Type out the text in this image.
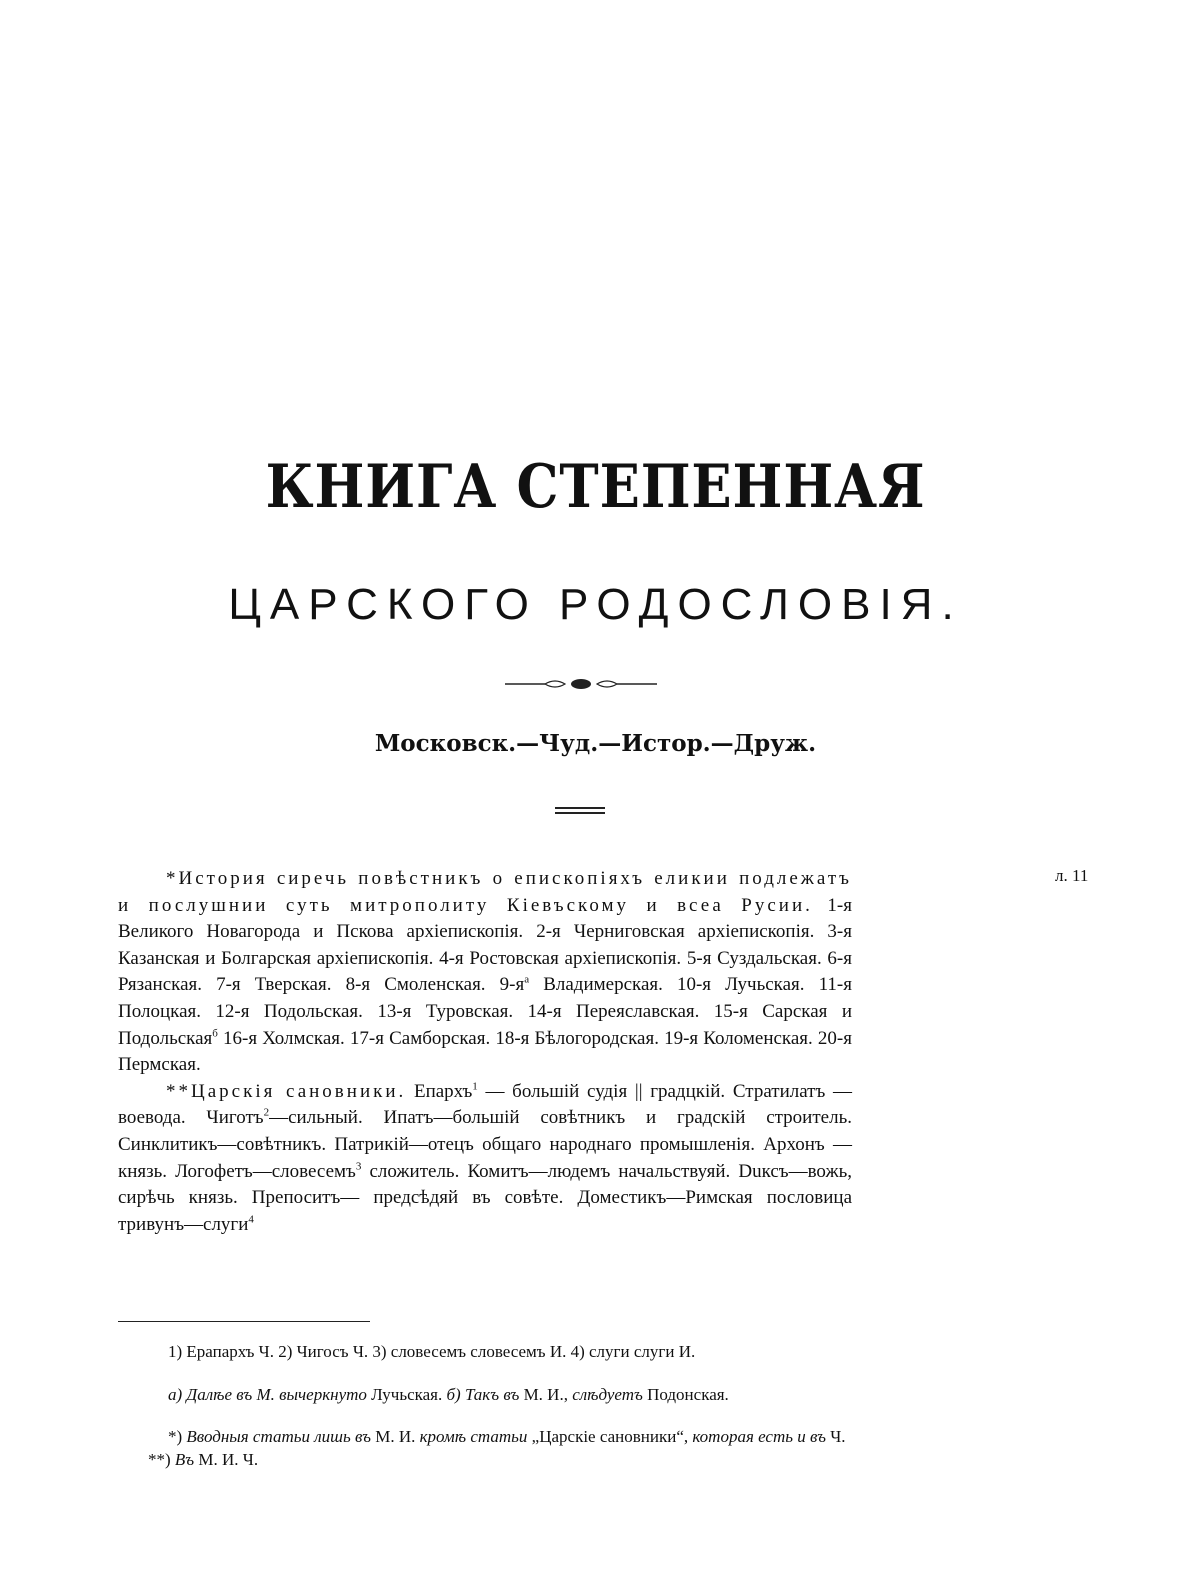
КНИГА СТЕПЕННАЯ
ЦАРСКОГО РОДОСЛОВІЯ.
Московск.—Чуд.—Истор.—Друж.
л. 11

*История сиречь повѣстникъ о епископіяхъ еликии подлежатъ и послушнии суть митрополиту Кіевъскому и всеа Русии. 1-я Великого Новагорода и Пскова архіепископія. 2-я Черниговская архіепископія. 3-я Казанская и Болгарская архіепископія. 4-я Ростовская архіепископія. 5-я Суздальская. 6-я Рязанская. 7-я Тверская. 8-я Смоленская. $9-я^а$ Владимерская. 10-я Лучьская. 11-я Полоцкая. 12-я Подольская. 13-я Туровская. 14-я Переяславская. 15-я Сарская и Подольская$^б$ 16-я Холмская. 17-я Самборская. 18-я Бѣлогородская. 19-я Коломенская. 20-я Пермская.

**Царскія сановники. Епархъ$^1$ — большій судія || градцкій. Стратилатъ — воевода. Чиготъ$^2$—сильный. Ипатъ—большій совѣтникъ и градскій строитель. Синклитикъ—совѣтникъ. Патрикій—отецъ общаго народнаго промышленія. Архонъ — князь. Логофетъ—словесемъ$^3$ сложитель. Комитъ—людемъ начальствуяй. Duксъ—вожь, сирѣчь князь. Препоситъ— предсѣдяй въ совѣте. Доместикъ—Римская пословица тривунъ—слуги$^4$

1) Ерапархъ Ч. 2) Чигосъ Ч. 3) словесемъ словесемъ И. 4) слуги слуги И.
а) Далѣе въ М. вычеркнуто Лучьская. б) Такъ въ М. И., слѣдуетъ Подонская.
*) Вводныя статьи лишь въ М. И. кромѣ статьи „Царскіе сановники“, которая есть и въ Ч.
**) Въ М. И. Ч.
